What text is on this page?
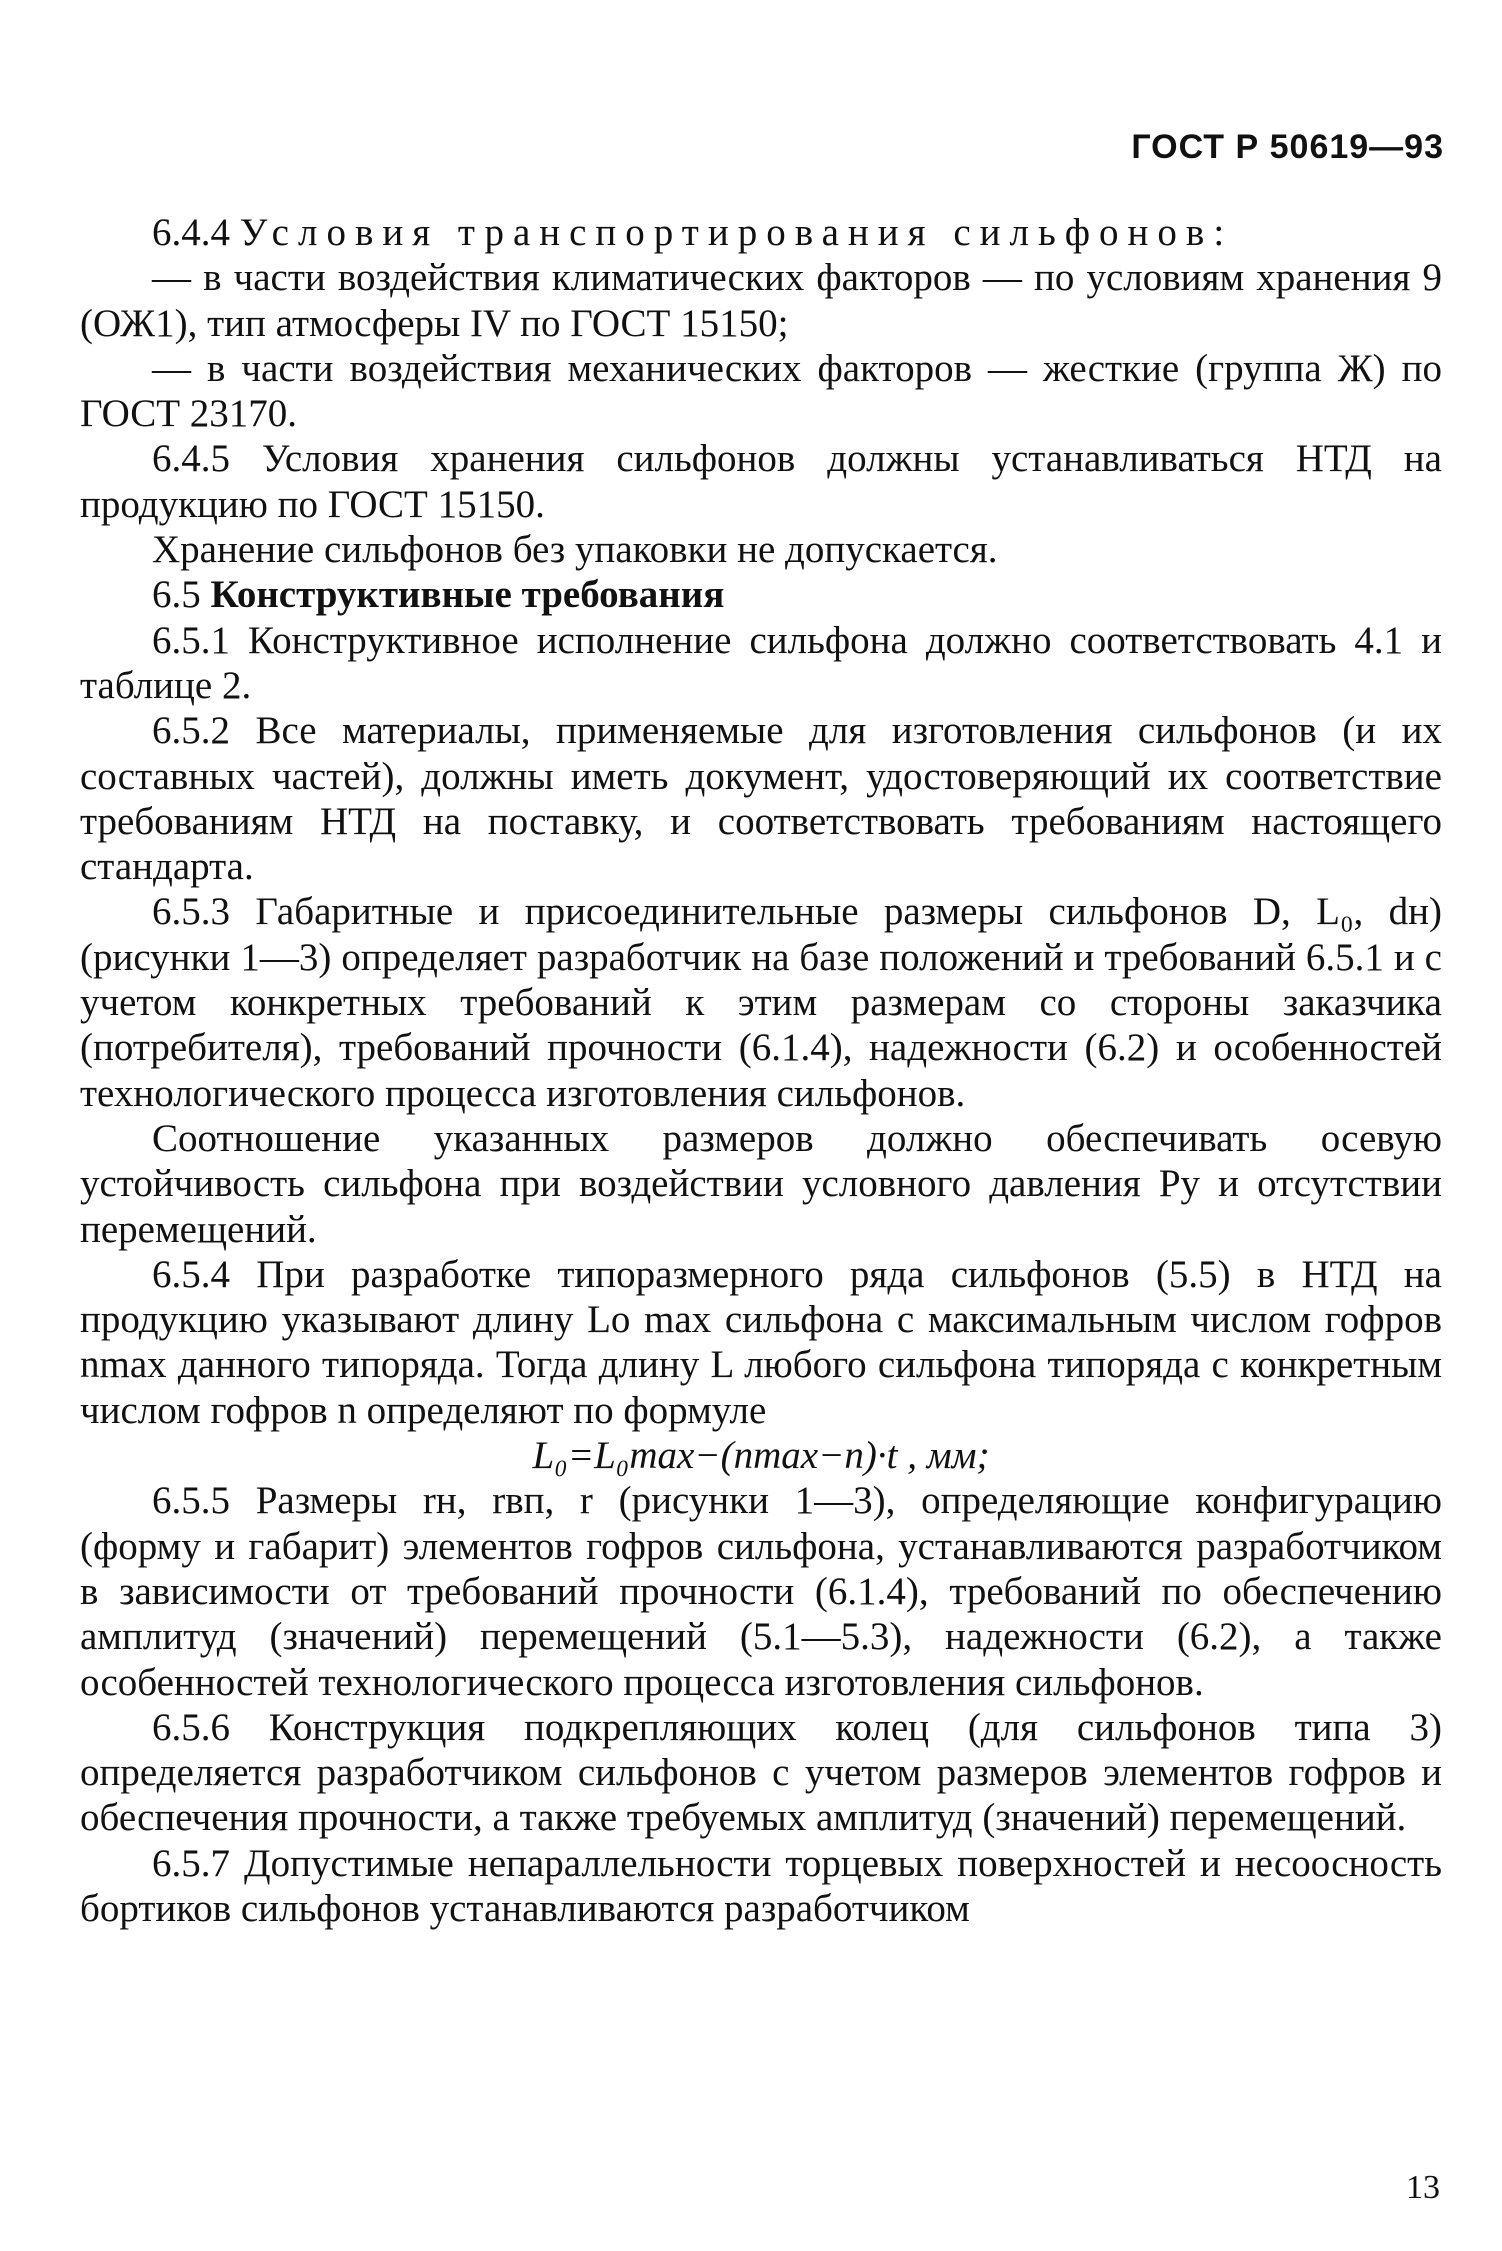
ГОСТ Р 50619—93

6.4.4 Условия транспортирования сильфонов:

— в части воздействия климатических факторов — по условиям хранения 9 (ОЖ1), тип атмосферы IV по ГОСТ 15150;

— в части воздействия механических факторов — жесткие (группа Ж) по ГОСТ 23170.

6.4.5 Условия хранения сильфонов должны устанавливаться НТД на продукцию по ГОСТ 15150.

Хранение сильфонов без упаковки не допускается.

6.5 Конструктивные требования

6.5.1 Конструктивное исполнение сильфона должно соответствовать 4.1 и таблице 2.

6.5.2 Все материалы, применяемые для изготовления сильфонов (и их составных частей), должны иметь документ, удостоверяющий их соответствие требованиям НТД на поставку, и соответствовать требованиям настоящего стандарта.

6.5.3 Габаритные и присоединительные размеры сильфонов D, L₀, dн) (рисунки 1—3) определяет разработчик на базе положений и требований 6.5.1 и с учетом конкретных требований к этим размерам со стороны заказчика (потребителя), требований прочности (6.1.4), надежности (6.2) и особенностей технологического процесса изготовления сильфонов.

Соотношение указанных размеров должно обеспечивать осевую устойчивость сильфона при воздействии условного давления Pу и отсутствии перемещений.

6.5.4 При разработке типоразмерного ряда сильфонов (5.5) в НТД на продукцию указывают длину Lо max сильфона с максимальным числом гофров nmax данного типоряда. Тогда длину L любого сильфона типоряда с конкретным числом гофров n определяют по формуле

L₀=L₀max−(nmax−n)·t , мм;

6.5.5 Размеры rн, rвп, r (рисунки 1—3), определяющие конфигурацию (форму и габарит) элементов гофров сильфона, устанавливаются разработчиком в зависимости от требований прочности (6.1.4), требований по обеспечению амплитуд (значений) перемещений (5.1—5.3), надежности (6.2), а также особенностей технологического процесса изготовления сильфонов.

6.5.6 Конструкция подкрепляющих колец (для сильфонов типа 3) определяется разработчиком сильфонов с учетом размеров элементов гофров и обеспечения прочности, а также требуемых амплитуд (значений) перемещений.

6.5.7 Допустимые непараллельности торцевых поверхностей и несоосность бортиков сильфонов устанавливаются разработчиком

13
